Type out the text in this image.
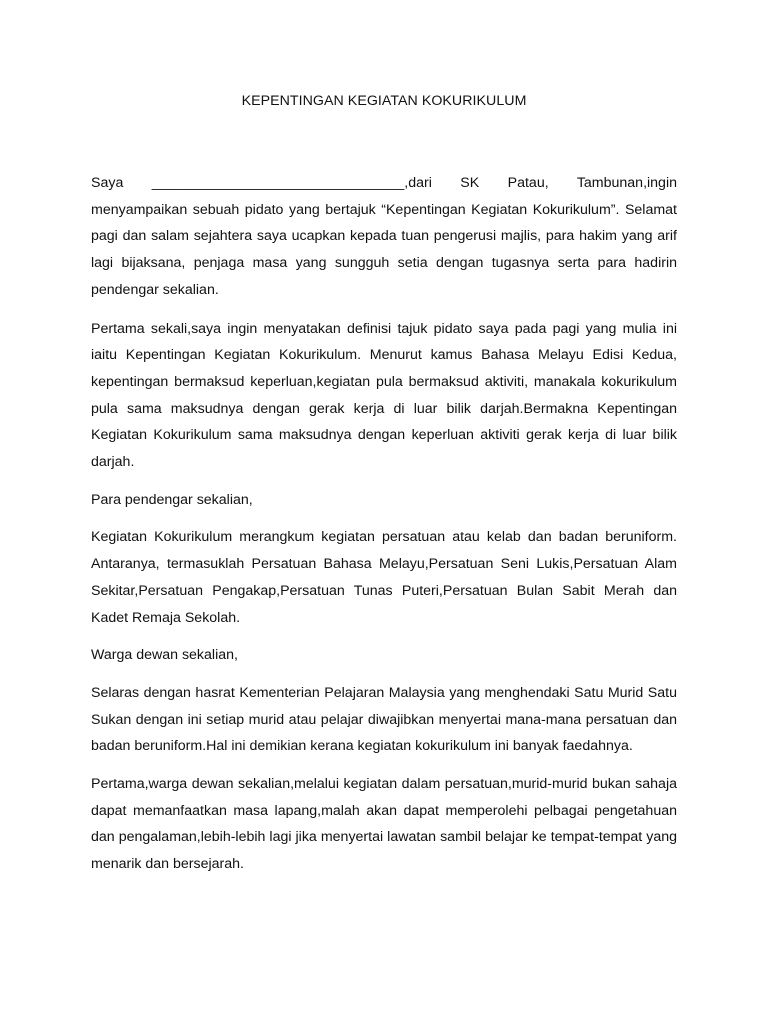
KEPENTINGAN KEGIATAN KOKURIKULUM

Saya ________________________________,dari SK Patau, Tambunan,ingin menyampaikan sebuah pidato yang bertajuk “Kepentingan Kegiatan Kokurikulum”. Selamat pagi dan salam sejahtera saya ucapkan kepada tuan pengerusi majlis, para hakim yang arif lagi bijaksana, penjaga masa yang sungguh setia dengan tugasnya serta para hadirin pendengar sekalian.

Pertama sekali,saya ingin menyatakan definisi tajuk pidato saya pada pagi yang mulia ini iaitu Kepentingan Kegiatan Kokurikulum. Menurut kamus Bahasa Melayu Edisi Kedua, kepentingan bermaksud keperluan,kegiatan pula bermaksud aktiviti, manakala kokurikulum pula sama maksudnya dengan gerak kerja di luar bilik darjah.Bermakna Kepentingan Kegiatan Kokurikulum sama maksudnya dengan keperluan aktiviti gerak kerja di luar bilik darjah.

Para pendengar sekalian,

Kegiatan Kokurikulum merangkum kegiatan persatuan atau kelab dan badan beruniform. Antaranya, termasuklah Persatuan Bahasa Melayu,Persatuan Seni Lukis,Persatuan Alam Sekitar,Persatuan Pengakap,Persatuan Tunas Puteri,Persatuan Bulan Sabit Merah dan Kadet Remaja Sekolah.

Warga dewan sekalian,

Selaras dengan hasrat Kementerian Pelajaran Malaysia yang menghendaki Satu Murid Satu Sukan dengan ini setiap murid atau pelajar diwajibkan menyertai mana-mana persatuan dan badan beruniform.Hal ini demikian kerana kegiatan kokurikulum ini banyak faedahnya.

Pertama,warga dewan sekalian,melalui kegiatan dalam persatuan,murid-murid bukan sahaja dapat memanfaatkan masa lapang,malah akan dapat memperolehi pelbagai pengetahuan dan pengalaman,lebih-lebih lagi jika menyertai lawatan sambil belajar ke tempat-tempat yang menarik dan bersejarah.
